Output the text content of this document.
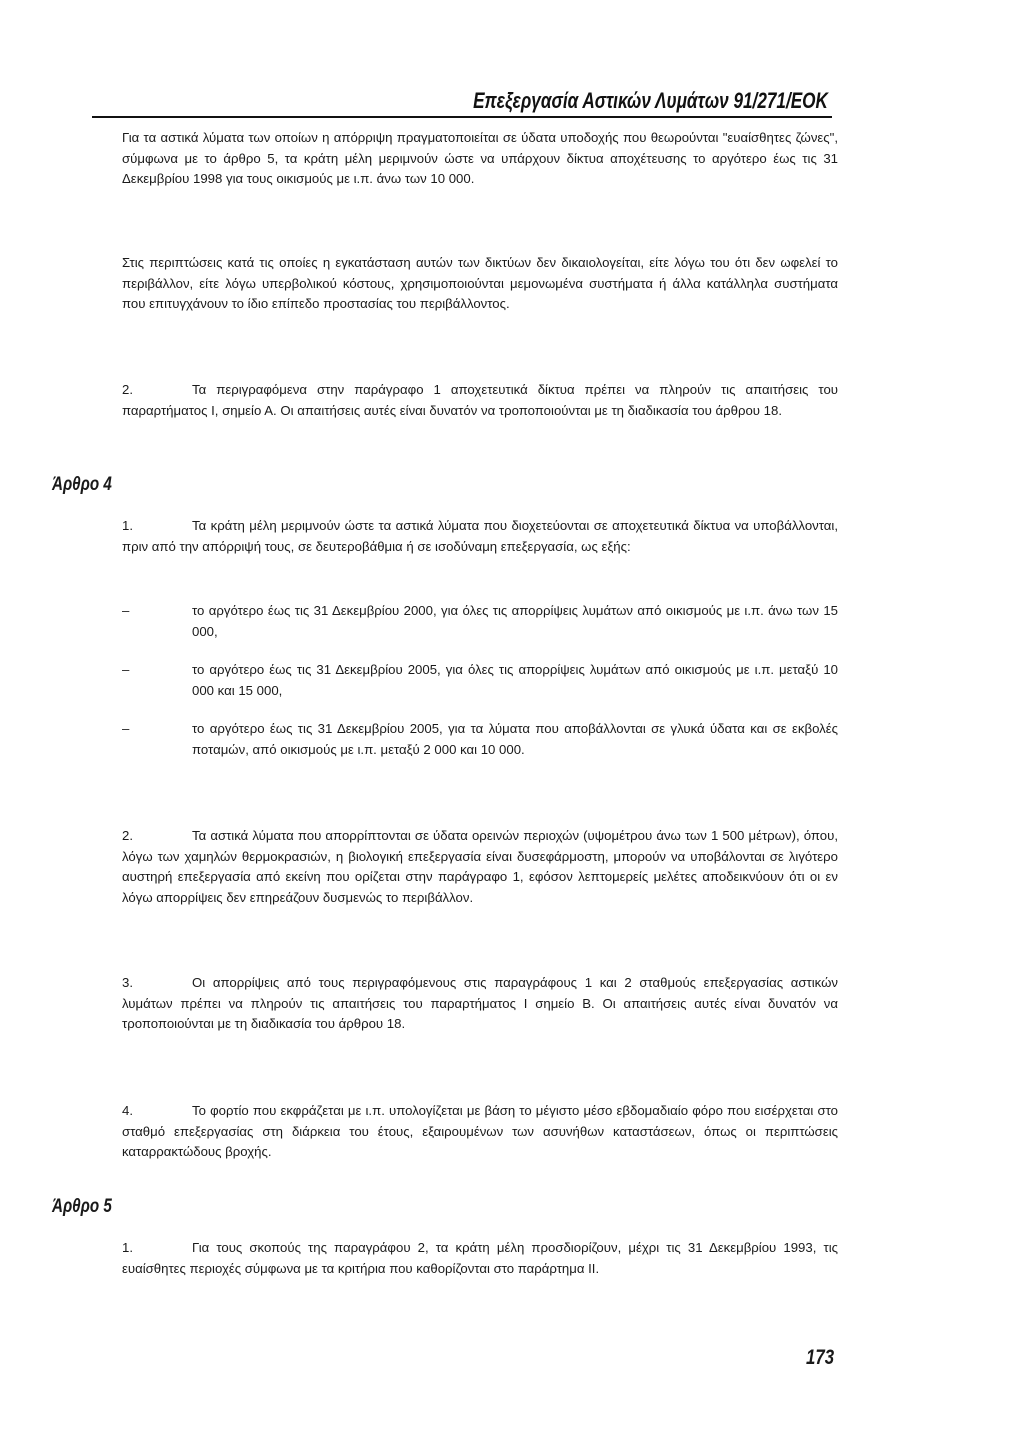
Επεξεργασία Αστικών Λυμάτων 91/271/ΕΟΚ

Για τα αστικά λύματα των οποίων η απόρριψη πραγματοποιείται σε ύδατα υποδοχής που θεωρούνται "ευαίσθητες ζώνες", σύμφωνα με το άρθρο 5, τα κράτη μέλη μεριμνούν ώστε να υπάρχουν δίκτυα αποχέτευσης το αργότερο έως τις 31 Δεκεμβρίου 1998 για τους οικισμούς με ι.π. άνω των 10 000.

Στις περιπτώσεις κατά τις οποίες η εγκατάσταση αυτών των δικτύων δεν δικαιολογείται, είτε λόγω του ότι δεν ωφελεί το περιβάλλον, είτε λόγω υπερβολικού κόστους, χρησιμοποιούνται μεμονωμένα συστήματα ή άλλα κατάλληλα συστήματα που επιτυγχάνουν το ίδιο επίπεδο προστασίας του περιβάλλοντος.

2.	Τα περιγραφόμενα στην παράγραφο 1 αποχετευτικά δίκτυα πρέπει να πληρούν τις απαιτήσεις του παραρτήματος Ι, σημείο Α. Οι απαιτήσεις αυτές είναι δυνατόν να τροποποιούνται με τη διαδικασία του άρθρου 18.
Άρθρο 4
1.	Τα κράτη μέλη μεριμνούν ώστε τα αστικά λύματα που διοχετεύονται σε αποχετευτικά δίκτυα να υποβάλλονται, πριν από την απόρριψή τους, σε δευτεροβάθμια ή σε ισοδύναμη επεξεργασία, ως εξής:
–	το αργότερο έως τις 31 Δεκεμβρίου 2000, για όλες τις απορρίψεις λυμάτων από οικισμούς με ι.π. άνω των 15 000,
–	το αργότερο έως τις 31 Δεκεμβρίου 2005, για όλες τις απορρίψεις λυμάτων από οικισμούς με ι.π. μεταξύ 10 000 και 15 000,
–	το αργότερο έως τις 31 Δεκεμβρίου 2005, για τα λύματα που αποβάλλονται σε γλυκά ύδατα και σε εκβολές ποταμών, από οικισμούς με ι.π. μεταξύ 2 000 και 10 000.
2.	Τα αστικά λύματα που απορρίπτονται σε ύδατα ορεινών περιοχών (υψομέτρου άνω των 1 500 μέτρων), όπου, λόγω των χαμηλών θερμοκρασιών, η βιολογική επεξεργασία είναι δυσεφάρμοστη, μπορούν να υποβάλονται σε λιγότερο αυστηρή επεξεργασία από εκείνη που ορίζεται στην παράγραφο 1, εφόσον λεπτομερείς μελέτες αποδεικνύουν ότι οι εν λόγω απορρίψεις δεν επηρεάζουν δυσμενώς το περιβάλλον.
3.	Οι απορρίψεις από τους περιγραφόμενους στις παραγράφους 1 και 2 σταθμούς επεξεργασίας αστικών λυμάτων πρέπει να πληρούν τις απαιτήσεις του παραρτήματος Ι σημείο Β. Οι απαιτήσεις αυτές είναι δυνατόν να τροποποιούνται με τη διαδικασία του άρθρου 18.
4.	Το φορτίο που εκφράζεται με ι.π. υπολογίζεται με βάση το μέγιστο μέσο εβδομαδιαίο φόρο που εισέρχεται στο σταθμό επεξεργασίας στη διάρκεια του έτους, εξαιρουμένων των ασυνήθων καταστάσεων, όπως οι περιπτώσεις καταρρακτώδους βροχής.
Άρθρο 5
1.	Για τους σκοπούς της παραγράφου 2, τα κράτη μέλη προσδιορίζουν, μέχρι τις 31 Δεκεμβρίου 1993, τις ευαίσθητες περιοχές σύμφωνα με τα κριτήρια που καθορίζονται στο παράρτημα ΙΙ.
173
